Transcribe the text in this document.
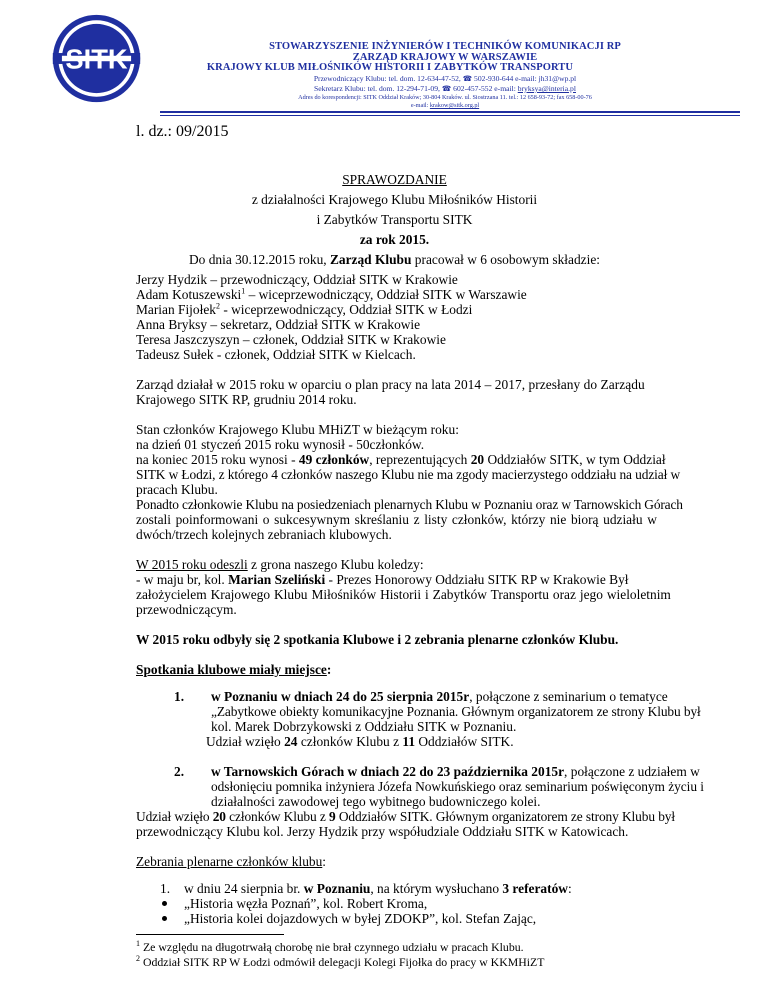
SITK	STOWARZYSZENIE INŻYNIERÓW I TECHNIKÓW KOMUNIKACJI RP
ZARZĄD KRAJOWY W WARSZAWIE
KRAJOWY KLUB MIŁOŚNIKÓW HISTORII I ZABYTKÓW TRANSPORTU
Przewodniczący Klubu: tel. dom. 12-634-47-52, ☎ 502-930-644 e-mail: jh31@wp.pl
Sekretarz Klubu: tel. dom. 12-294-71-09, ☎ 602-457-552 e-mail: bryksya@interia.pl
Adres do korespondencji: SITK Oddział Kraków; 30-804 Kraków. ul. Siostrzana 11. tel.: 12 658-93-72; fax 658-00-76
e-mail: krakow@sitk.org.pl
l. dz.: 09/2015
SPRAWOZDANIE
z działalności Krajowego Klubu Miłośników Historii
i Zabytków Transportu SITK
za rok 2015.
Do dnia 30.12.2015 roku, Zarząd Klubu pracował w 6 osobowym składzie:
Jerzy Hydzik – przewodniczący, Oddział SITK w Krakowie
Adam Kotuszewski$^1$ – wiceprzewodniczący, Oddział SITK w Warszawie
Marian Fijołek$^2$ - wiceprzewodniczący, Oddział SITK w Łodzi
Anna Bryksy – sekretarz, Oddział SITK w Krakowie
Teresa Jaszczyszyn – członek, Oddział SITK w Krakowie
Tadeusz Sułek - członek, Oddział SITK w Kielcach.
Zarząd działał w 2015 roku w oparciu o plan pracy na lata 2014 – 2017, przesłany do Zarządu
Krajowego SITK RP, grudniu 2014 roku.
Stan członków Krajowego Klubu MHiZT w bieżącym roku:
na dzień 01 styczeń 2015 roku wynosił - 50członków.
na koniec 2015 roku wynosi - 49 członków, reprezentujących 20 Oddziałów SITK, w tym Oddział
SITK w Łodzi, z którego 4 członków naszego Klubu nie ma zgody macierzystego oddziału na udział w
pracach Klubu.
Ponadto członkowie Klubu na posiedzeniach plenarnych Klubu w Poznaniu oraz w Tarnowskich Górach
zostali poinformowani o sukcesywnym skreślaniu z listy członków, którzy nie biorą udziału w
dwóch/trzech kolejnych zebraniach klubowych.
W 2015 roku odeszli z grona naszego Klubu koledzy:
- w maju br, kol. Marian Szeliński - Prezes Honorowy Oddziału SITK RP w Krakowie Był
założycielem Krajowego Klubu Miłośników Historii i Zabytków Transportu oraz jego wieloletnim
przewodniczącym.
W 2015 roku odbyły się 2 spotkania Klubowe i 2 zebrania plenarne członków Klubu.
Spotkania klubowe miały miejsce:
1. w Poznaniu w dniach 24 do 25 sierpnia 2015r, połączone z seminarium o tematyce
„Zabytkowe obiekty komunikacyjne Poznania. Głównym organizatorem ze strony Klubu był
kol. Marek Dobrzykowski z Oddziału SITK w Poznaniu.
Udział wzięło 24 członków Klubu z 11 Oddziałów SITK.
2. w Tarnowskich Górach w dniach 22 do 23 października 2015r, połączone z udziałem w
odsłonięciu pomnika inżyniera Józefa Nowkuńskiego oraz seminarium poświęconym życiu i
działalności zawodowej tego wybitnego budowniczego kolei.
Udział wzięło 20 członków Klubu z 9 Oddziałów SITK. Głównym organizatorem ze strony Klubu był
przewodniczący Klubu kol. Jerzy Hydzik przy współudziale Oddziału SITK w Katowicach.
Zebrania plenarne członków klubu:
1. w dniu 24 sierpnia br. w Poznaniu, na którym wysłuchano 3 referatów:
„Historia węzła Poznań”, kol. Robert Kroma,
„Historia kolei dojazdowych w byłej ZDOKP”, kol. Stefan Zając,
$^1$ Ze względu na długotrwałą chorobę nie brał czynnego udziału w pracach Klubu.
$^2$ Oddział SITK RP W Łodzi odmówił delegacji Kolegi Fijołka do pracy w KKMHiZT
